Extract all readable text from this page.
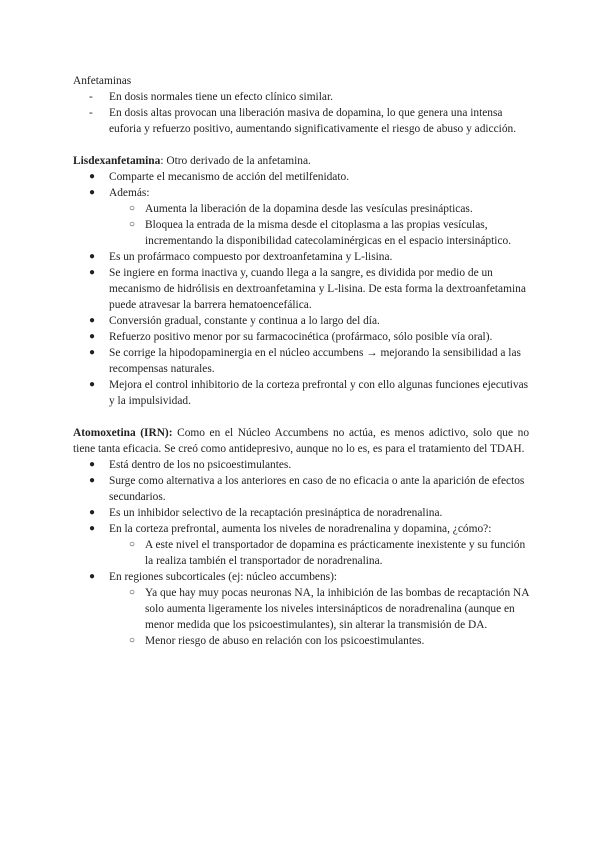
Anfetaminas

- En dosis normales tiene un efecto clínico similar.
- En dosis altas provocan una liberación masiva de dopamina, lo que genera una intensa euforia y refuerzo positivo, aumentando significativamente el riesgo de abuso y adicción.

Lisdexanfetamina: Otro derivado de la anfetamina.

● Comparte el mecanismo de acción del metilfenidato.
● Además:
○ Aumenta la liberación de la dopamina desde las vesículas presinápticas.
○ Bloquea la entrada de la misma desde el citoplasma a las propias vesículas, incrementando la disponibilidad catecolaminérgicas en el espacio intersináptico.
● Es un profármaco compuesto por dextroanfetamina y L-lisina.
● Se ingiere en forma inactiva y, cuando llega a la sangre, es dividida por medio de un mecanismo de hidrólisis en dextroanfetamina y L-lisina. De esta forma la dextroanfetamina puede atravesar la barrera hematoencefálica.
● Conversión gradual, constante y continua a lo largo del día.
● Refuerzo positivo menor por su farmacocinética (profármaco, sólo posible vía oral).
● Se corrige la hipodopaminergia en el núcleo accumbens → mejorando la sensibilidad a las recompensas naturales.
● Mejora el control inhibitorio de la corteza prefrontal y con ello algunas funciones ejecutivas y la impulsividad.

Atomoxetina (IRN): Como en el Núcleo Accumbens no actúa, es menos adictivo, solo que no tiene tanta eficacia. Se creó como antidepresivo, aunque no lo es, es para el tratamiento del TDAH.

● Está dentro de los no psicoestimulantes.
● Surge como alternativa a los anteriores en caso de no eficacia o ante la aparición de efectos secundarios.
● Es un inhibidor selectivo de la recaptación presináptica de noradrenalina.
● En la corteza prefrontal, aumenta los niveles de noradrenalina y dopamina, ¿cómo?:
○ A este nivel el transportador de dopamina es prácticamente inexistente y su función la realiza también el transportador de noradrenalina.
● En regiones subcorticales (ej: núcleo accumbens):
○ Ya que hay muy pocas neuronas NA, la inhibición de las bombas de recaptación NA solo aumenta ligeramente los niveles intersinápticos de noradrenalina (aunque en menor medida que los psicoestimulantes), sin alterar la transmisión de DA.
○ Menor riesgo de abuso en relación con los psicoestimulantes.
